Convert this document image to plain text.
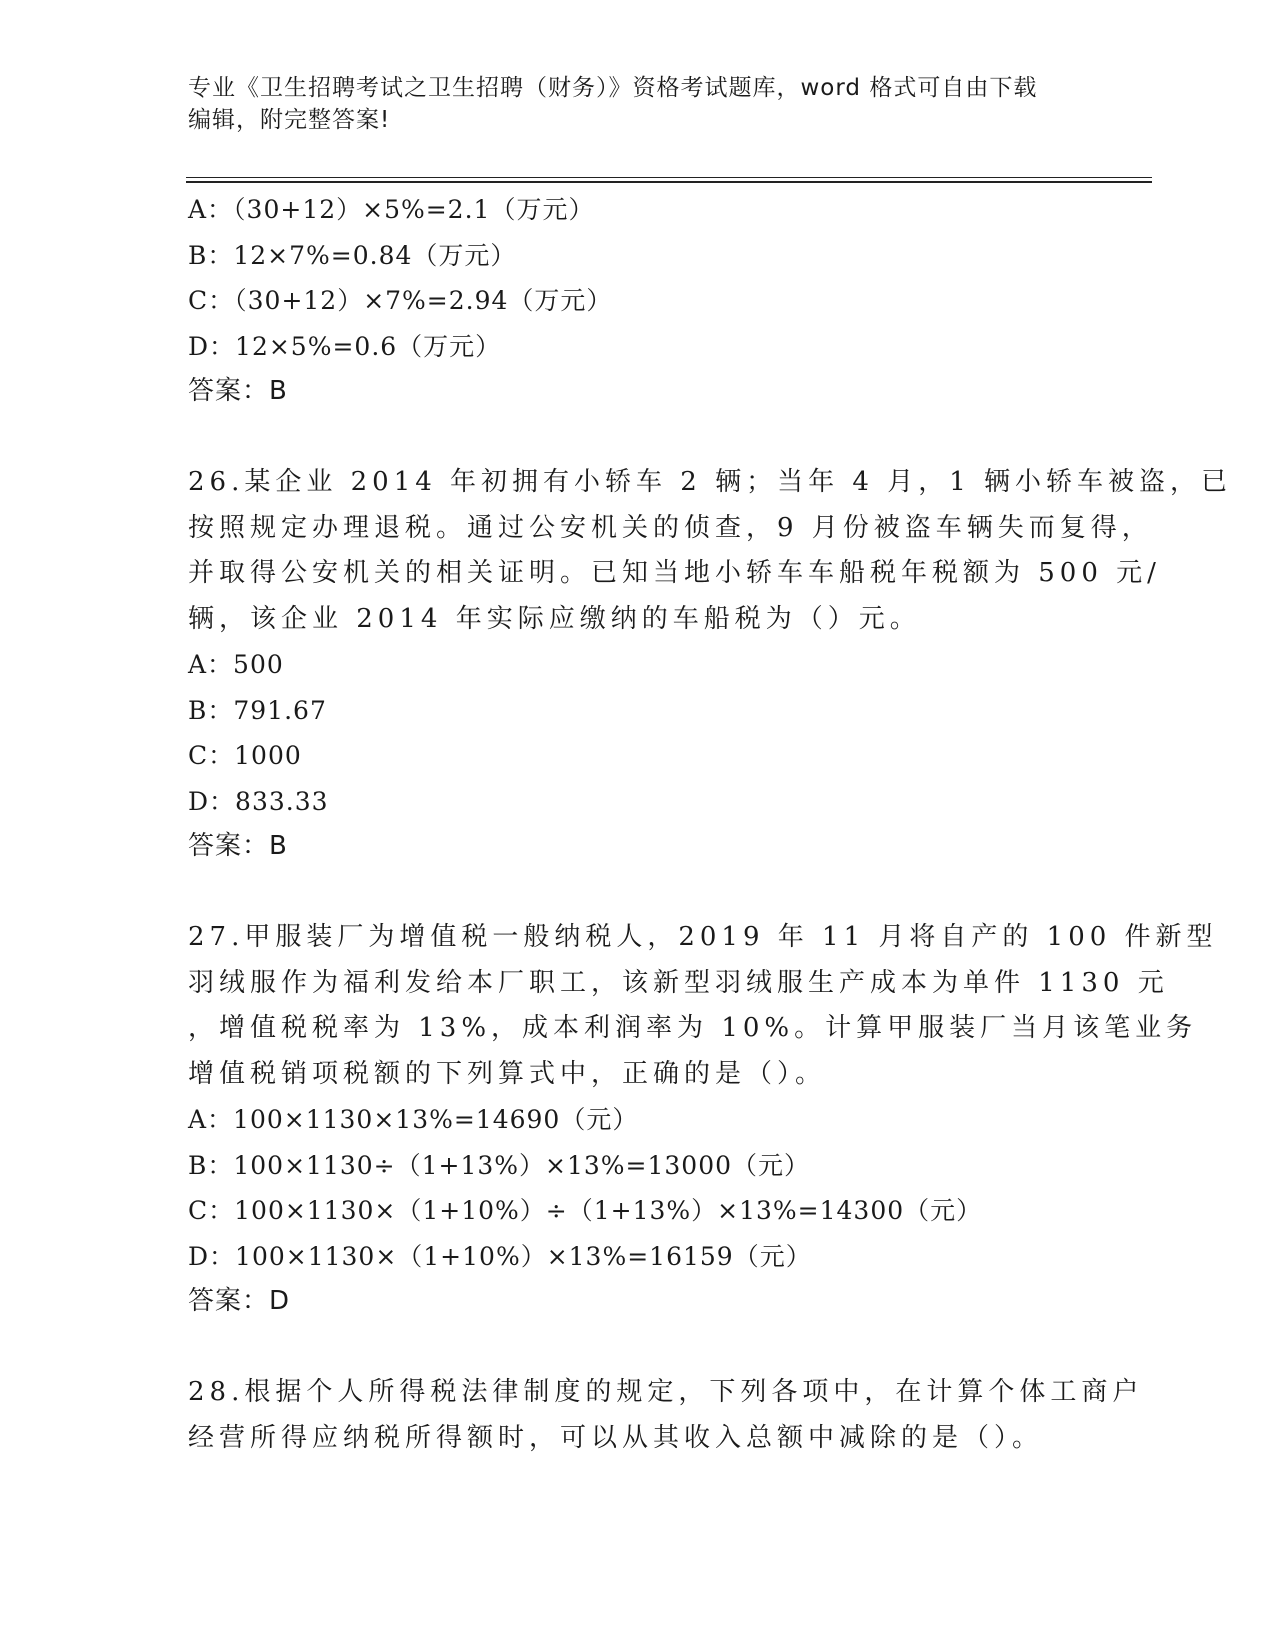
专业《卫生招聘考试之卫生招聘（财务）》资格考试题库，word 格式可自由下载
编辑，附完整答案!
A：（30+12）×5%=2.1（万元）
B：12×7%=0.84（万元）
C：（30+12）×7%=2.94（万元）
D：12×5%=0.6（万元）
答案：B
26.某企业 2014 年初拥有小轿车 2 辆；当年 4 月，1 辆小轿车被盗，已
按照规定办理退税。通过公安机关的侦查，9 月份被盗车辆失而复得，
并取得公安机关的相关证明。已知当地小轿车车船税年税额为 500 元/
辆，该企业 2014 年实际应缴纳的车船税为（）元。
A：500
B：791.67
C：1000
D：833.33
答案：B
27.甲服装厂为增值税一般纳税人，2019 年 11 月将自产的 100 件新型
羽绒服作为福利发给本厂职工，该新型羽绒服生产成本为单件 1130 元
，增值税税率为 13%，成本利润率为 10%。计算甲服装厂当月该笔业务
增值税销项税额的下列算式中，正确的是（）。
A：100×1130×13%=14690（元）
B：100×1130÷（1+13%）×13%=13000（元）
C：100×1130×（1+10%）÷（1+13%）×13%=14300（元）
D：100×1130×（1+10%）×13%=16159（元）
答案：D
28.根据个人所得税法律制度的规定，下列各项中，在计算个体工商户
经营所得应纳税所得额时，可以从其收入总额中减除的是（）。
